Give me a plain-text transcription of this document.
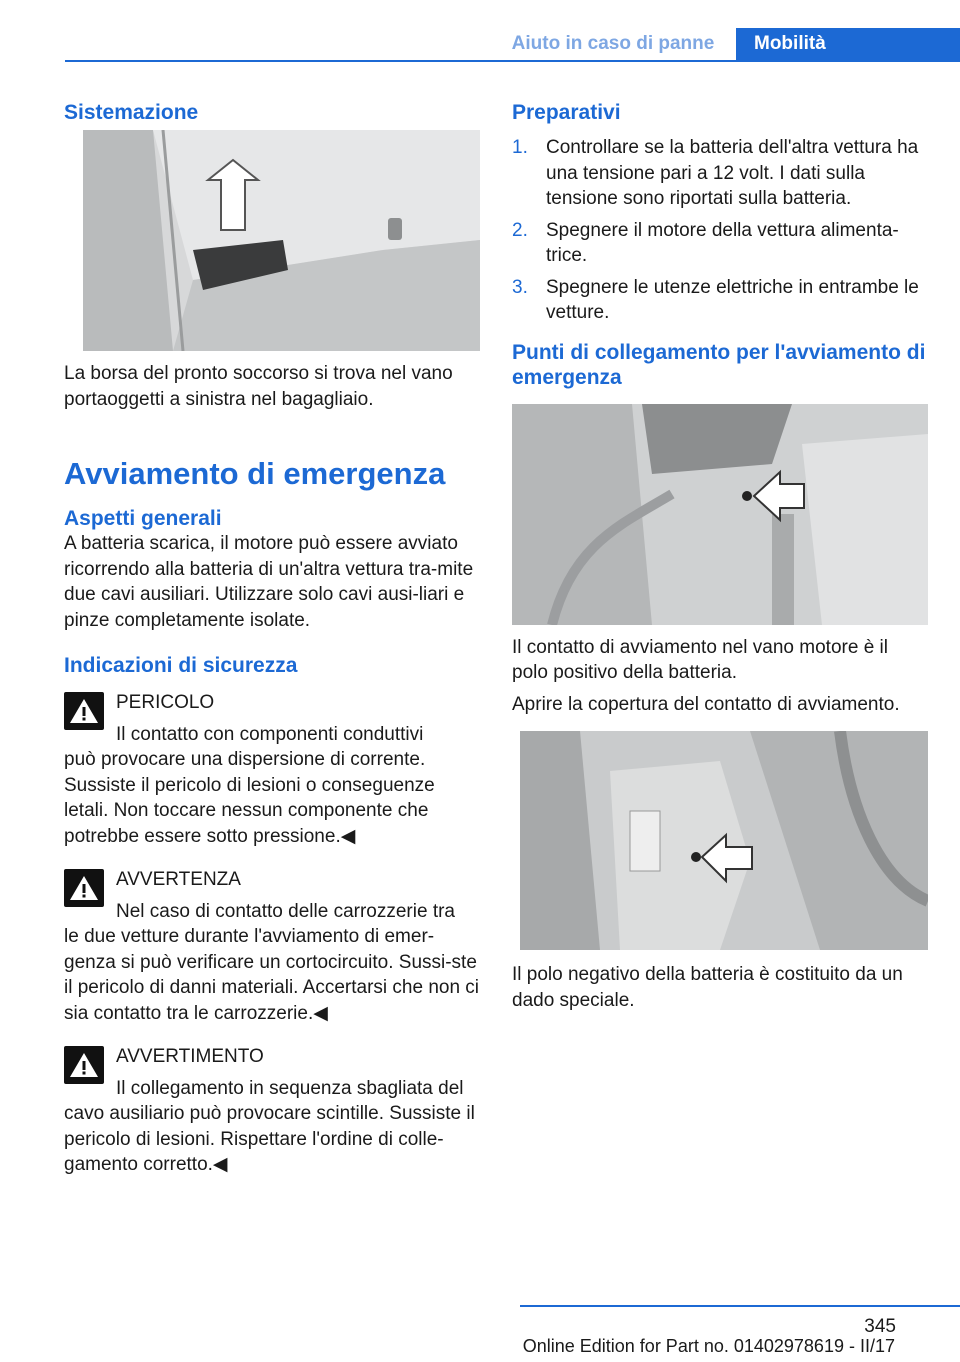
Aiuto in caso di panne	Mobilità
Sistemazione

La borsa del pronto soccorso si trova nel vano portaoggetti a sinistra nel bagagliaio.

Avviamento di emergenza
Aspetti generali

A batteria scarica, il motore può essere avviato ricorrendo alla batteria di un'altra vettura tra-mite due cavi ausiliari. Utilizzare solo cavi ausi-liari e pinze completamente isolate.

Indicazioni di sicurezza
PERICOLO
Il contatto con componenti conduttivi
può provocare una dispersione di corrente. Sussiste il pericolo di lesioni o conseguenze letali. Non toccare nessun componente che potrebbe essere sotto pressione.◀
AVVERTENZA
Nel caso di contatto delle carrozzerie tra
le due vetture durante l'avviamento di emer-genza si può verificare un cortocircuito. Sussi-ste il pericolo di danni materiali. Accertarsi che non ci sia contatto tra le carrozzerie.◀
AVVERTIMENTO
Il collegamento in sequenza sbagliata del
cavo ausiliario può provocare scintille. Sussiste il pericolo di lesioni. Rispettare l'ordine di colle-gamento corretto.◀
Preparativi
1. Controllare se la batteria dell'altra vettura ha una tensione pari a 12 volt. I dati sulla tensione sono riportati sulla batteria.
2. Spegnere il motore della vettura alimenta-trice.
3. Spegnere le utenze elettriche in entrambe le vetture.
Punti di collegamento per l'avviamento di emergenza

Il contatto di avviamento nel vano motore è il polo positivo della batteria.

Aprire la copertura del contatto di avviamento.

Il polo negativo della batteria è costituito da un dado speciale.

345
Online Edition for Part no. 01402978619 - II/17
